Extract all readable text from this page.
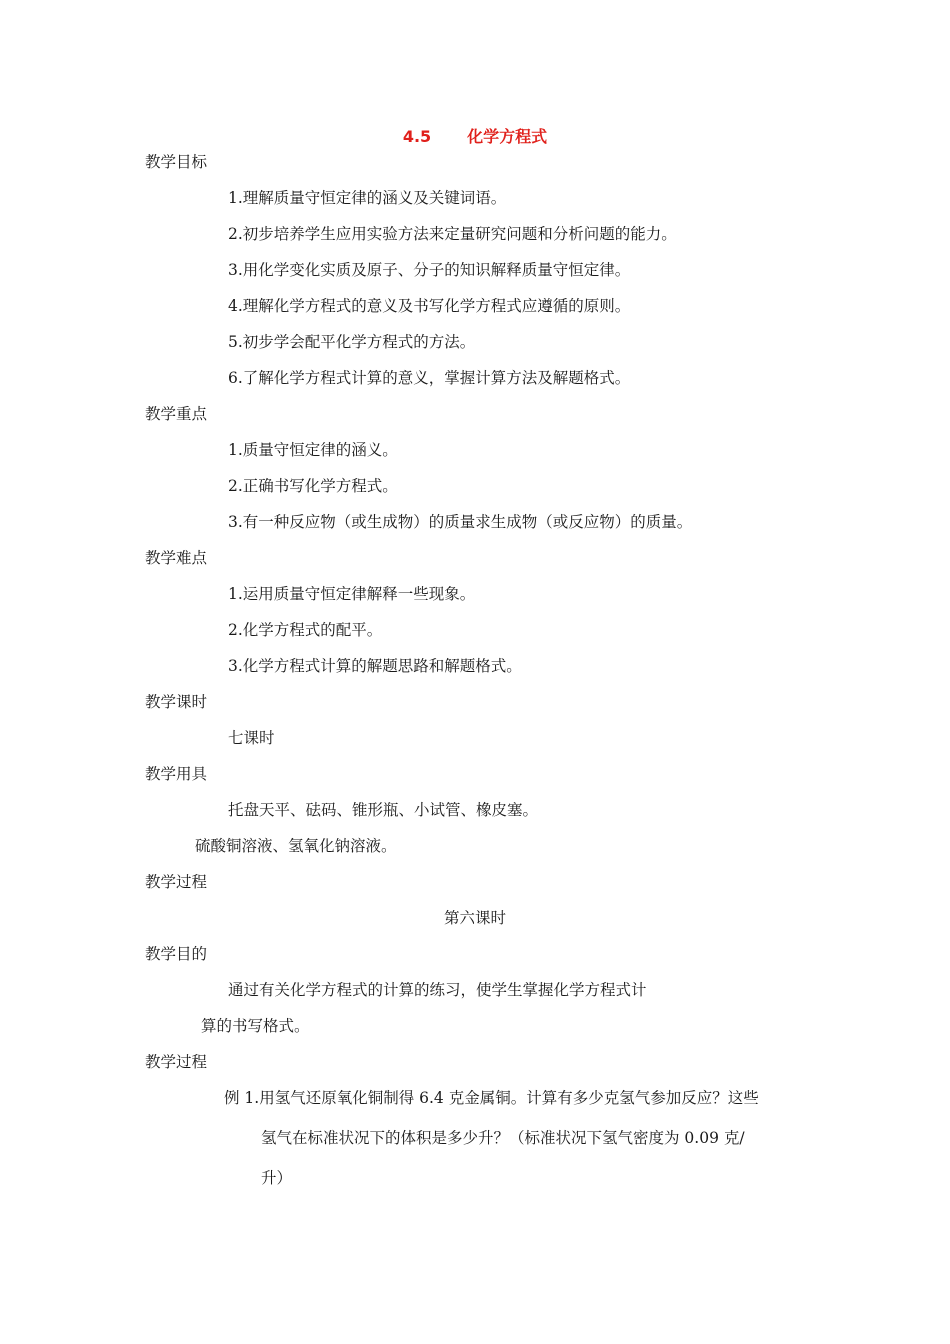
4.5 化学方程式
教学目标
1.理解质量守恒定律的涵义及关键词语。
2.初步培养学生应用实验方法来定量研究问题和分析问题的能力。
3.用化学变化实质及原子、分子的知识解释质量守恒定律。
4.理解化学方程式的意义及书写化学方程式应遵循的原则。
5.初步学会配平化学方程式的方法。
6.了解化学方程式计算的意义，掌握计算方法及解题格式。
教学重点
1.质量守恒定律的涵义。
2.正确书写化学方程式。
3.有一种反应物（或生成物）的质量求生成物（或反应物）的质量。
教学难点
1.运用质量守恒定律解释一些现象。
2.化学方程式的配平。
3.化学方程式计算的解题思路和解题格式。
教学课时
七课时
教学用具
托盘天平、砝码、锥形瓶、小试管、橡皮塞。
硫酸铜溶液、氢氧化钠溶液。
教学过程
第六课时
教学目的
通过有关化学方程式的计算的练习，使学生掌握化学方程式计
算的书写格式。
教学过程
例 1.用氢气还原氧化铜制得 6.4 克金属铜。计算有多少克氢气参加反应？这些
氢气在标准状况下的体积是多少升？（标准状况下氢气密度为 0.09 克/
升）
